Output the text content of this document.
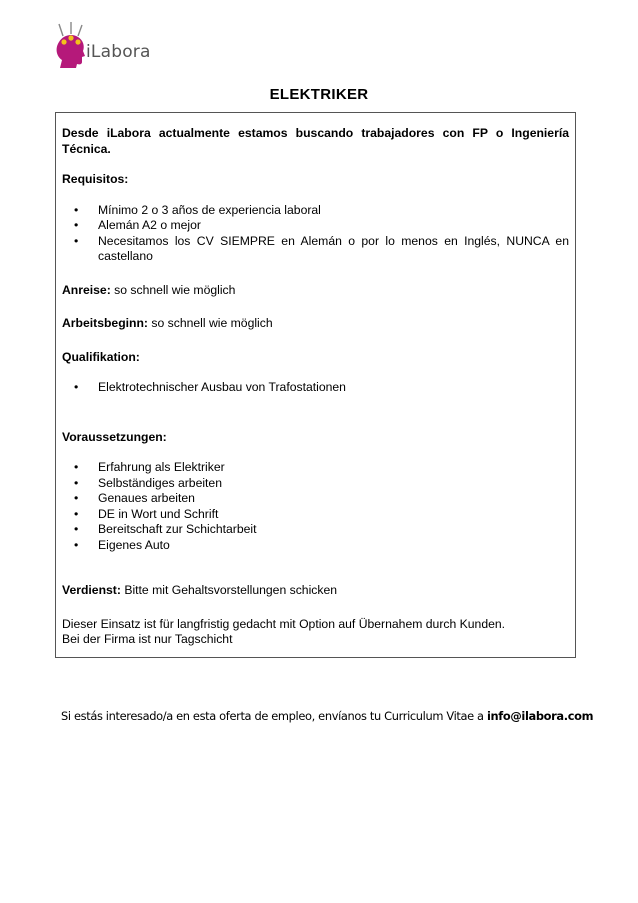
iLabora
ELEKTRIKER

Desde iLabora actualmente estamos buscando trabajadores con FP o Ingeniería Técnica.

Requisitos:

• Mínimo 2 o 3 años de experiencia laboral
• Alemán A2 o mejor
• Necesitamos los CV SIEMPRE en Alemán o por lo menos en Inglés, NUNCA en castellano

Anreise: so schnell wie möglich

Arbeitsbeginn: so schnell wie möglich

Qualifikation:

• Elektrotechnischer Ausbau von Trafostationen

Voraussetzungen:

• Erfahrung als Elektriker
• Selbständiges arbeiten
• Genaues arbeiten
• DE in Wort und Schrift
• Bereitschaft zur Schichtarbeit
• Eigenes Auto

Verdienst: Bitte mit Gehaltsvorstellungen schicken

Dieser Einsatz ist für langfristig gedacht mit Option auf Übernahem durch Kunden.

Bei der Firma ist nur Tagschicht

Si estás interesado/a en esta oferta de empleo, envíanos tu Curriculum Vitae a info@ilabora.com
